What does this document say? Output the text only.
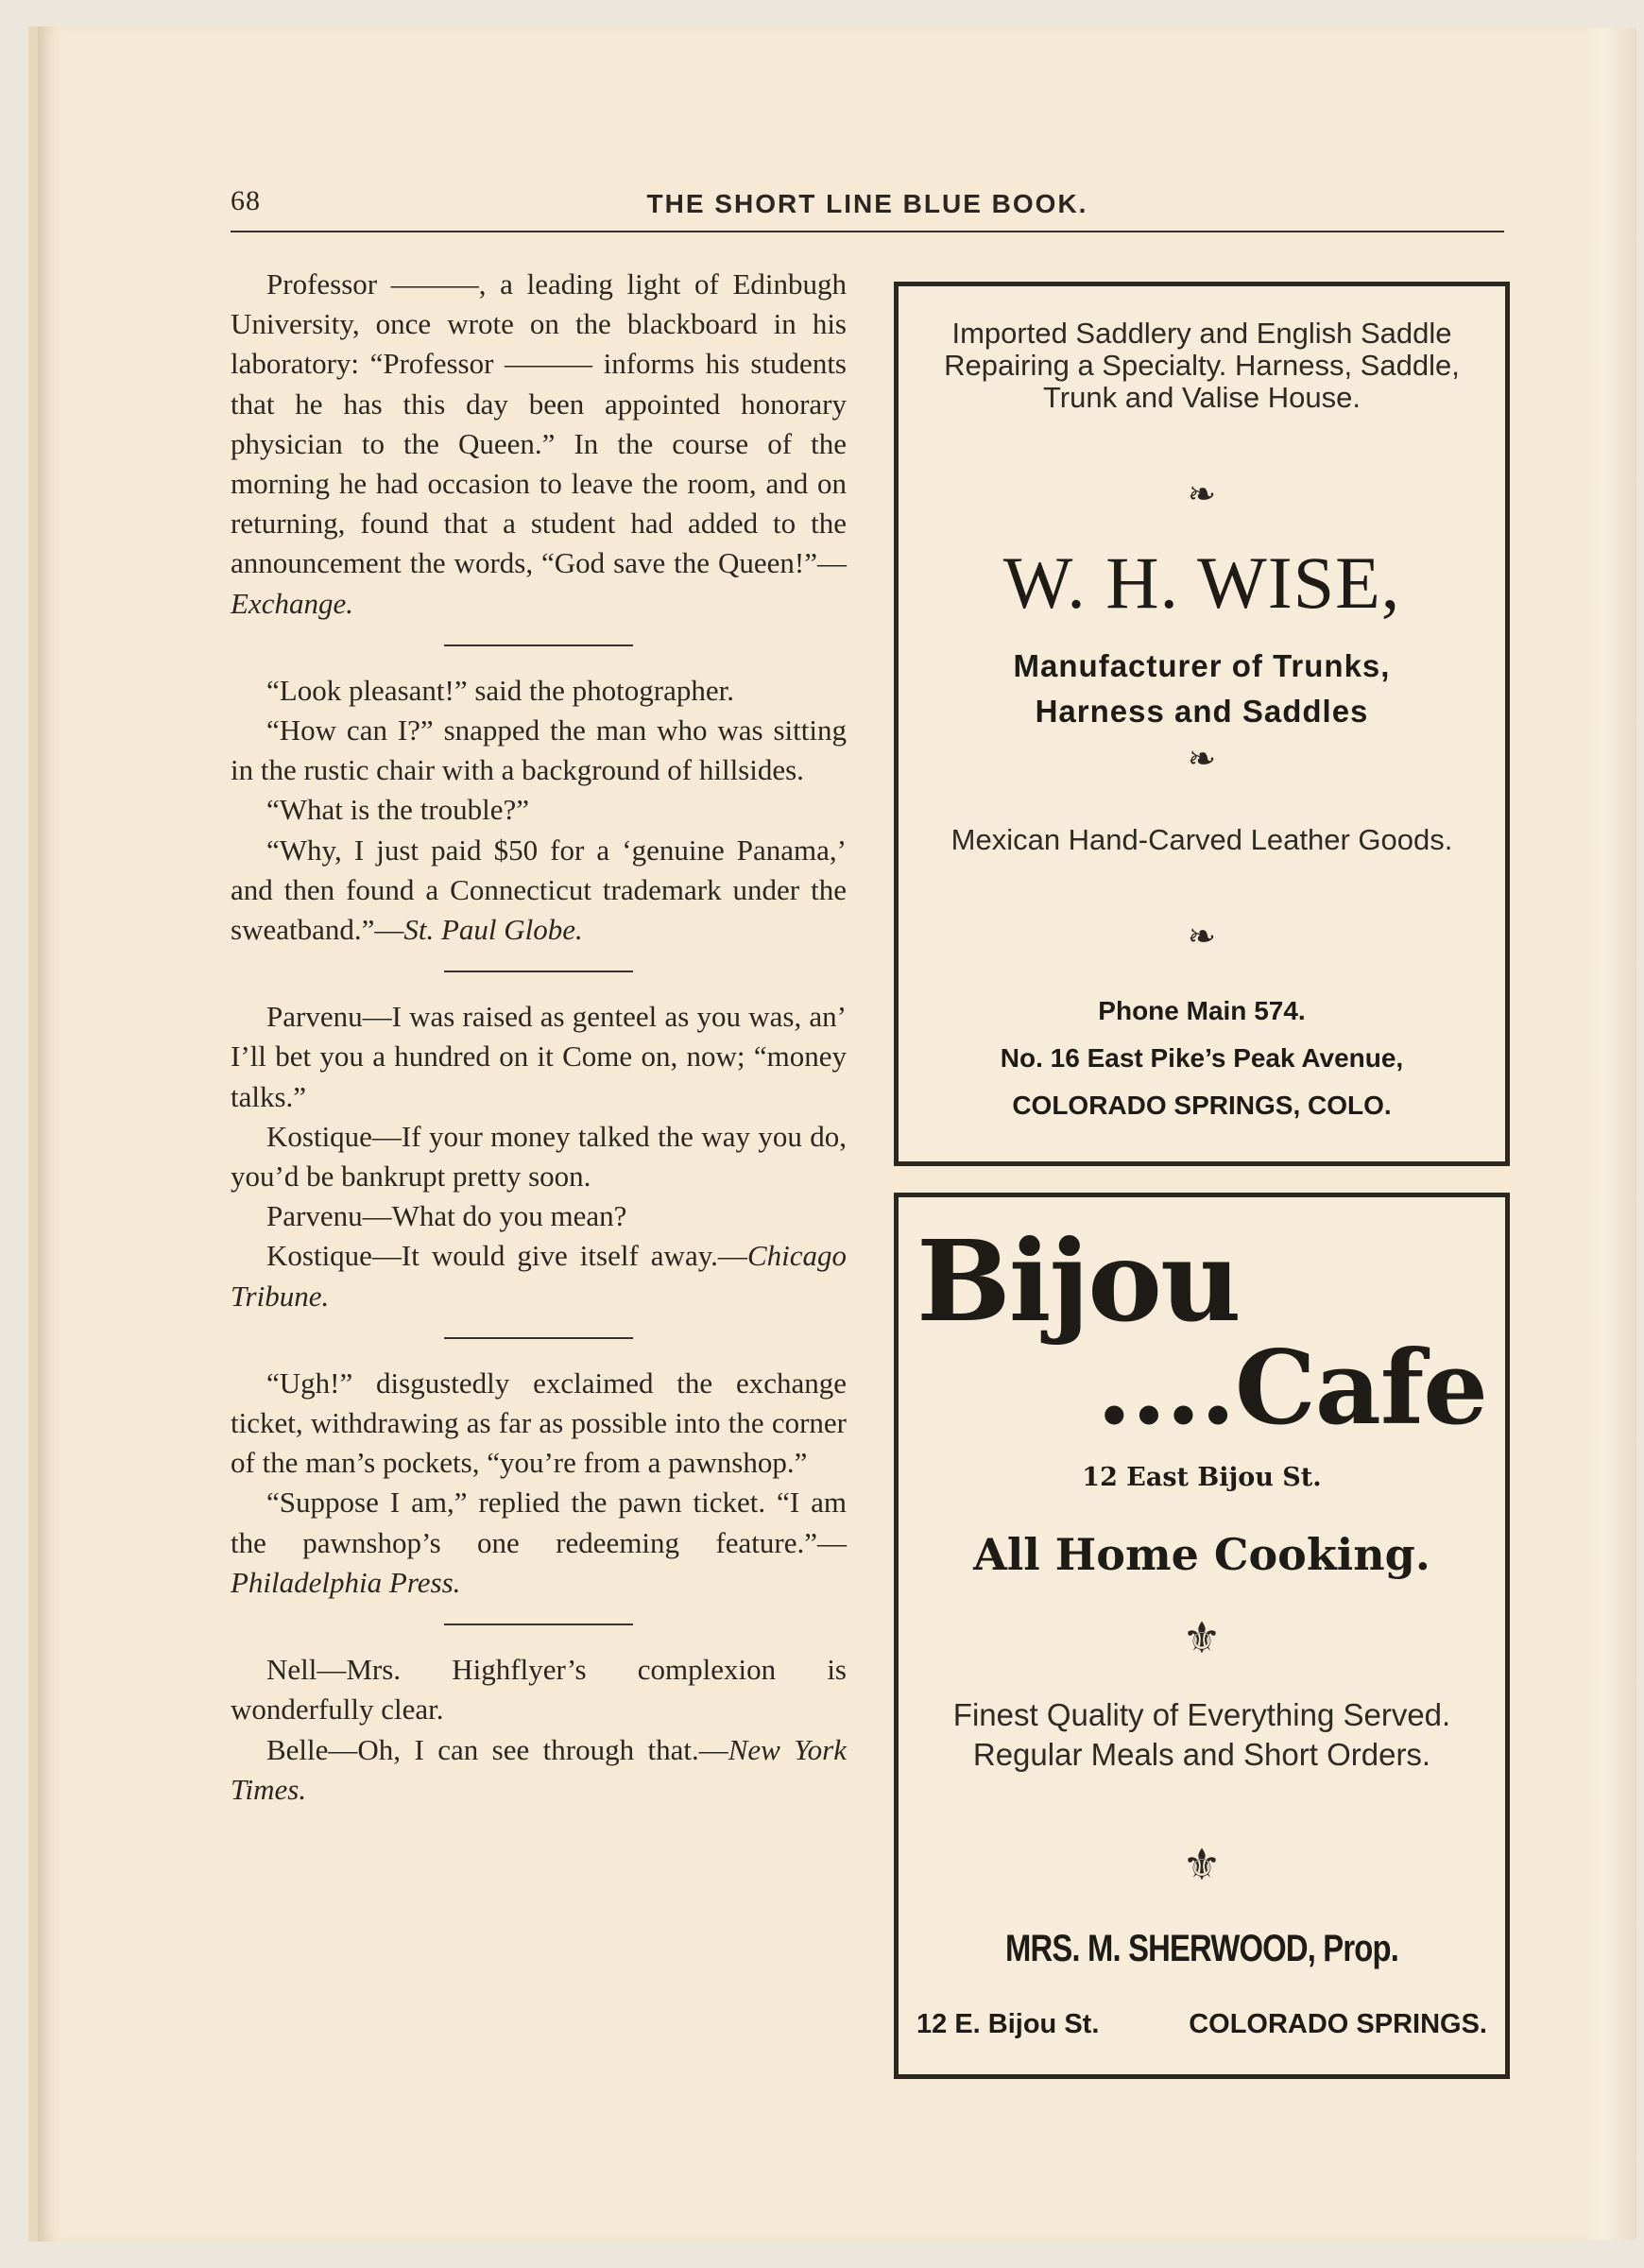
68	THE SHORT LINE BLUE BOOK.

Professor ———, a leading light of Edinbugh University, once wrote on the blackboard in his laboratory: “Professor ——— informs his students that he has this day been appointed honorary physician to the Queen.” In the course of the morning he had occasion to leave the room, and on returning, found that a student had added to the announcement the words, “God save the Queen!”—Exchange.

“Look pleasant!” said the photographer.

“How can I?” snapped the man who was sitting in the rustic chair with a background of hillsides.

“What is the trouble?”

“Why, I just paid $50 for a ‘genuine Panama,’ and then found a Connecticut trademark under the sweatband.”—St. Paul Globe.

Parvenu—I was raised as genteel as you was, an’ I’ll bet you a hundred on it Come on, now; “money talks.”

Kostique—If your money talked the way you do, you’d be bankrupt pretty soon.

Parvenu—What do you mean?

Kostique—It would give itself away.—Chicago Tribune.

“Ugh!” disgustedly exclaimed the exchange ticket, withdrawing as far as possible into the corner of the man’s pockets, “you’re from a pawnshop.”

“Suppose I am,” replied the pawn ticket. “I am the pawnshop’s one redeeming feature.”—Philadelphia Press.

Nell—Mrs. Highflyer’s complexion is wonderfully clear.

Belle—Oh, I can see through that.—New York Times.

Imported Saddlery and English Saddle Repairing a Specialty. Harness, Saddle, Trunk and Valise House.
❧
W. H. WISE,
Manufacturer of Trunks,
Harness and Saddles
❧
Mexican Hand-Carved Leather Goods.
❧
Phone Main 574.
No. 16 East Pike’s Peak Avenue,
COLORADO SPRINGS, COLO.
Bijou
....Cafe
12 East Bijou St.
All Home Cooking.
⚜
Finest Quality of Everything Served. Regular Meals and Short Orders.
⚜
MRS. M. SHERWOOD, Prop.
12 E. Bijou St.	COLORADO SPRINGS.
